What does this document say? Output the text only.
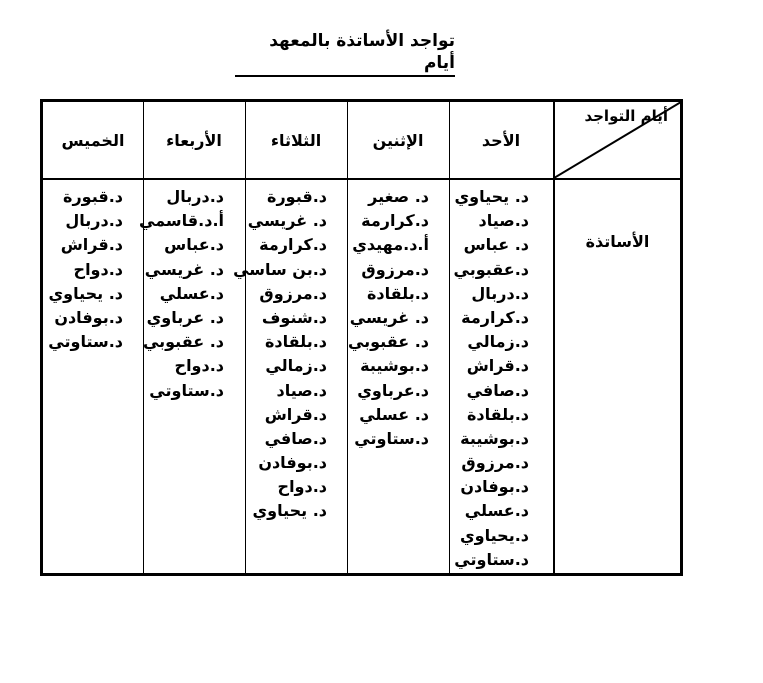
تواجد الأساتذة بالمعهد أيام
أيام التواجد
الأحد
الإثنين
الثلاثاء
الأربعاء
الخميس
الأساتذة
د. يحياوي
د.صياد
د. عباس
د.عقبوبي
د.دربال
د.كرارمة
د.زمالي
د.قراش
د.صافي
د.بلقادة
د.بوشيبة
د.مرزوق
د.بوفادن
د.عسلي
د.يحياوي
د.ستاوتي
د. صغير
د.كرارمة
أ.د.مهيدي
د.مرزوق
د.بلقادة
د. غريسي
د. عقبوبي
د.بوشيبة
د.عرباوي
د. عسلي
د.ستاوتي
د.قبورة
د. غريسي
د.كرارمة
د.بن ساسي
د.مرزوق
د.شنوف
د.بلقادة
د.زمالي
د.صياد
د.قراش
د.صافي
د.بوفادن
د.دواح
د. يحياوي
د.دربال
أ.د.قاسمي
د.عباس
د. غريسي
د.عسلي
د. عرباوي
د. عقبوبي
د.دواح
د.ستاوتي
د.قبورة
د.دربال
د.قراش
د.دواح
د. يحياوي
د.بوفادن
د.ستاوتي
